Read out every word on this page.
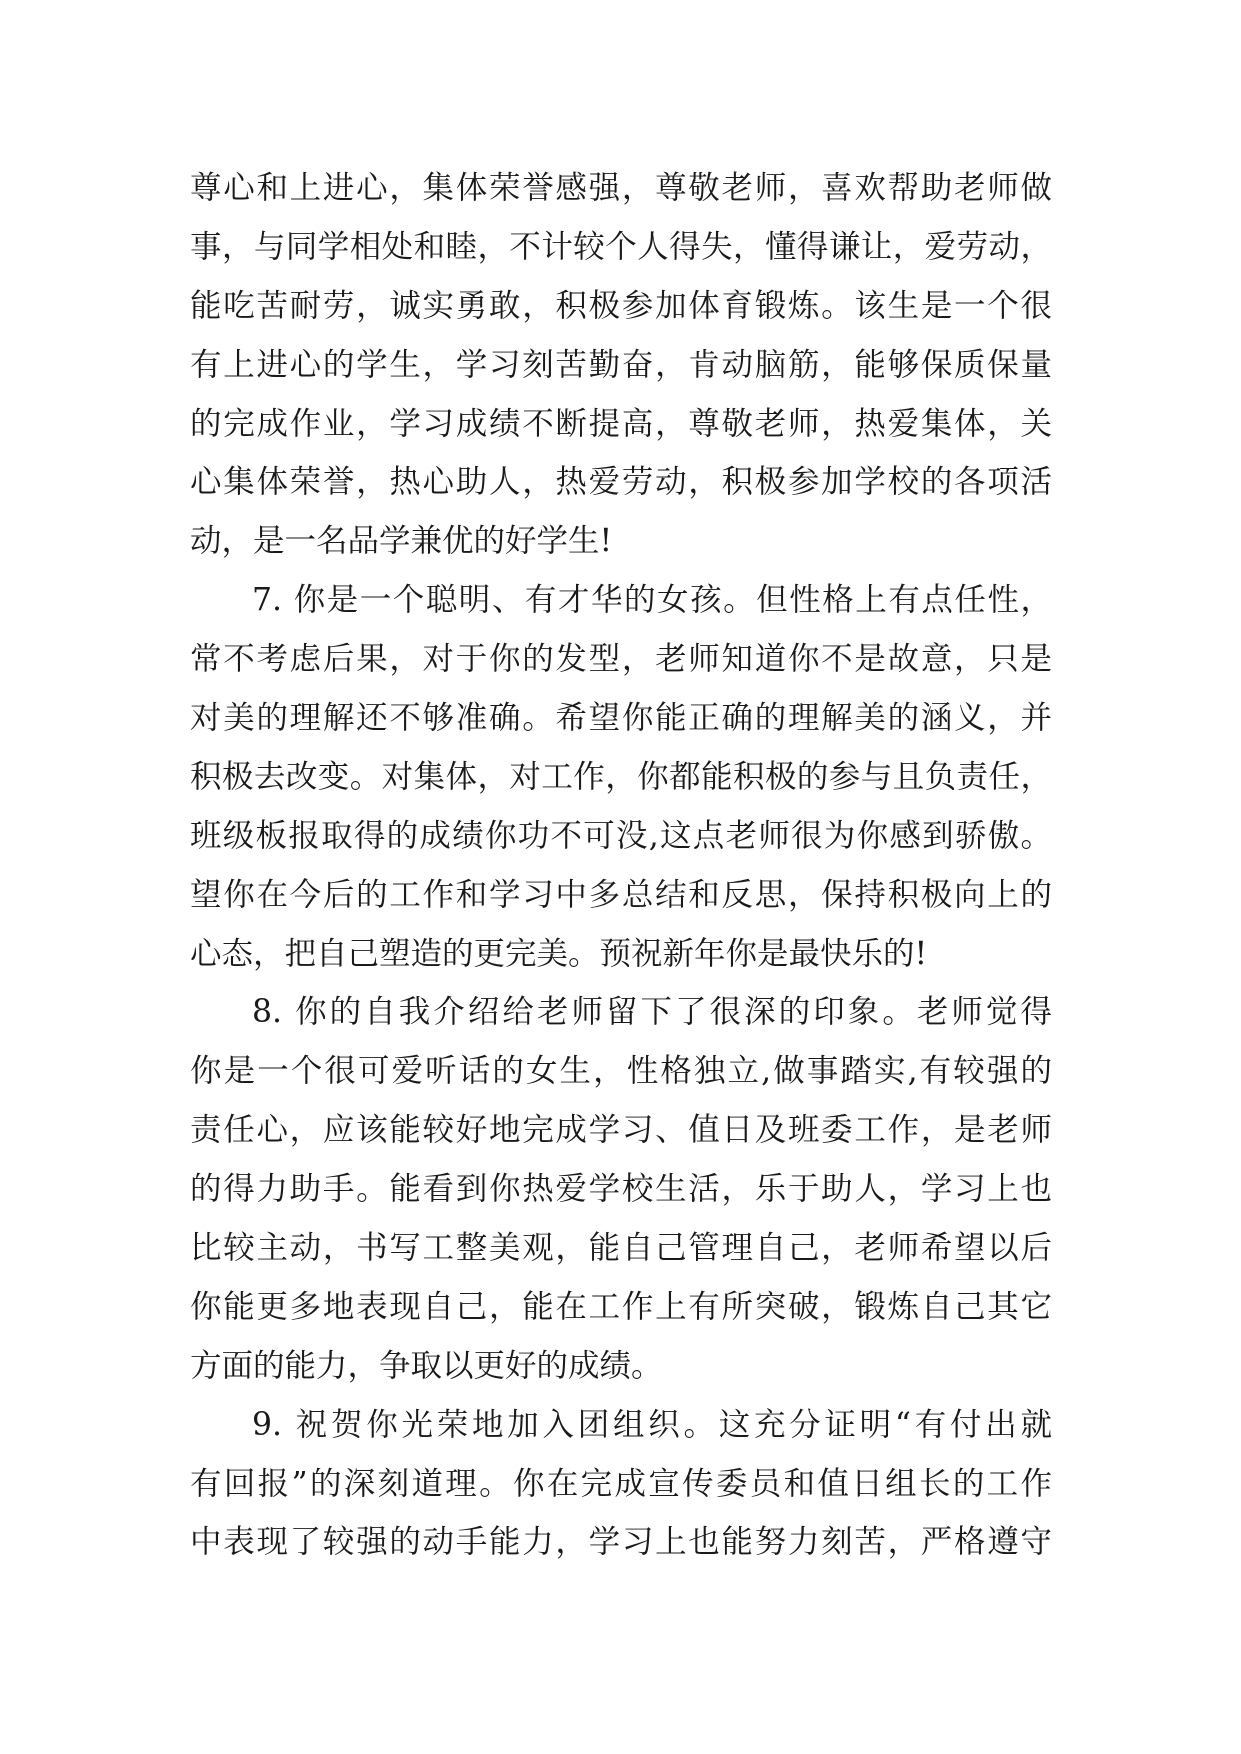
尊心和上进心，集体荣誉感强，尊敬老师，喜欢帮助老师做
事，与同学相处和睦，不计较个人得失，懂得谦让，爱劳动，
能吃苦耐劳，诚实勇敢，积极参加体育锻炼。该生是一个很
有上进心的学生，学习刻苦勤奋，肯动脑筋，能够保质保量
的完成作业，学习成绩不断提高，尊敬老师，热爱集体，关
心集体荣誉，热心助人，热爱劳动，积极参加学校的各项活
动，是一名品学兼优的好学生!
7. 你是一个聪明、有才华的女孩。但性格上有点任性，
常不考虑后果，对于你的发型，老师知道你不是故意，只是
对美的理解还不够准确。希望你能正确的理解美的涵义，并
积极去改变。对集体，对工作，你都能积极的参与且负责任，
班级板报取得的成绩你功不可没,这点老师很为你感到骄傲。
望你在今后的工作和学习中多总结和反思，保持积极向上的
心态，把自己塑造的更完美。预祝新年你是最快乐的!
8. 你的自我介绍给老师留下了很深的印象。老师觉得
你是一个很可爱听话的女生，性格独立,做事踏实,有较强的
责任心，应该能较好地完成学习、值日及班委工作，是老师
的得力助手。能看到你热爱学校生活，乐于助人，学习上也
比较主动，书写工整美观，能自己管理自己，老师希望以后
你能更多地表现自己，能在工作上有所突破，锻炼自己其它
方面的能力，争取以更好的成绩。
9. 祝贺你光荣地加入团组织。这充分证明“有付出就
有回报”的深刻道理。你在完成宣传委员和值日组长的工作
中表现了较强的动手能力，学习上也能努力刻苦，严格遵守
